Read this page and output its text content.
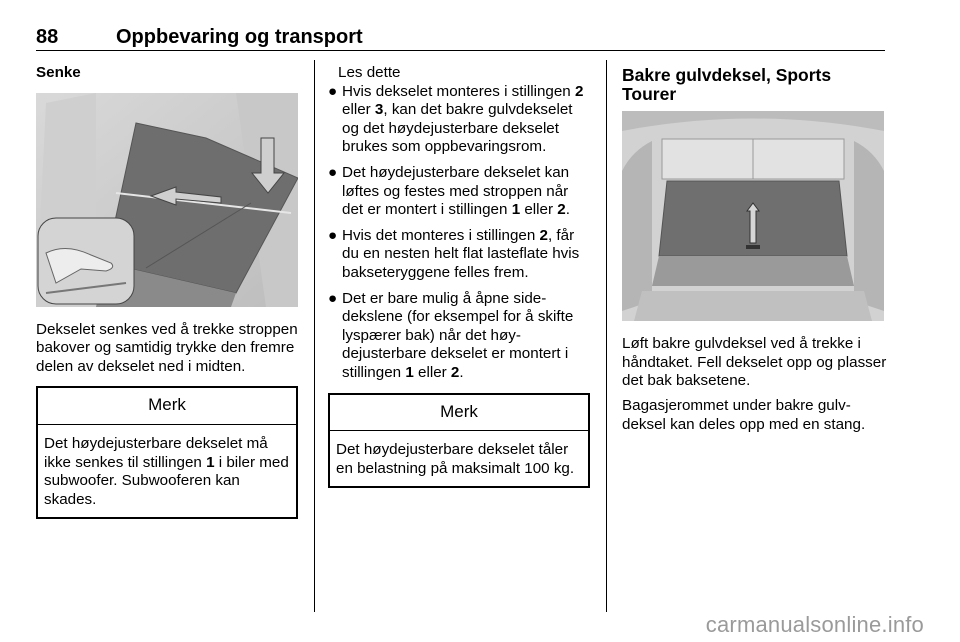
88	Oppbevaring og transport
Senke

Dekselet senkes ved å trekke stroppen bakover og samtidig trykke den fremre delen av dekselet ned i midten.

Merk
Det høydejusterbare dekselet må ikke senkes til stillingen 1 i biler med subwoofer. Subwooferen kan skades.
Les dette
● Hvis dekselet monteres i stillingen 2 eller 3, kan det bakre gulvdekselet og det høydejusterbare dekselet brukes som oppbevaringsrom.
● Det høydejusterbare dekselet kan løftes og festes med stroppen når det er montert i stillingen 1 eller 2.
● Hvis det monteres i stillingen 2, får du en nesten helt flat lasteflate hvis bakseteryggene felles frem.
● Det er bare mulig å åpne sidedekslene (for eksempel for å skifte lyspærer bak) når det høydejusterbare dekselet er montert i stillingen 1 eller 2.
Merk
Det høydejusterbare dekselet tåler en belastning på maksimalt 100 kg.
Bakre gulvdeksel, Sports Tourer

Løft bakre gulvdeksel ved å trekke i håndtaket. Fell dekselet opp og plasser det bak baksetene.

Bagasjerommet under bakre gulvdeksel kan deles opp med en stang.

carmanualsonline.info
